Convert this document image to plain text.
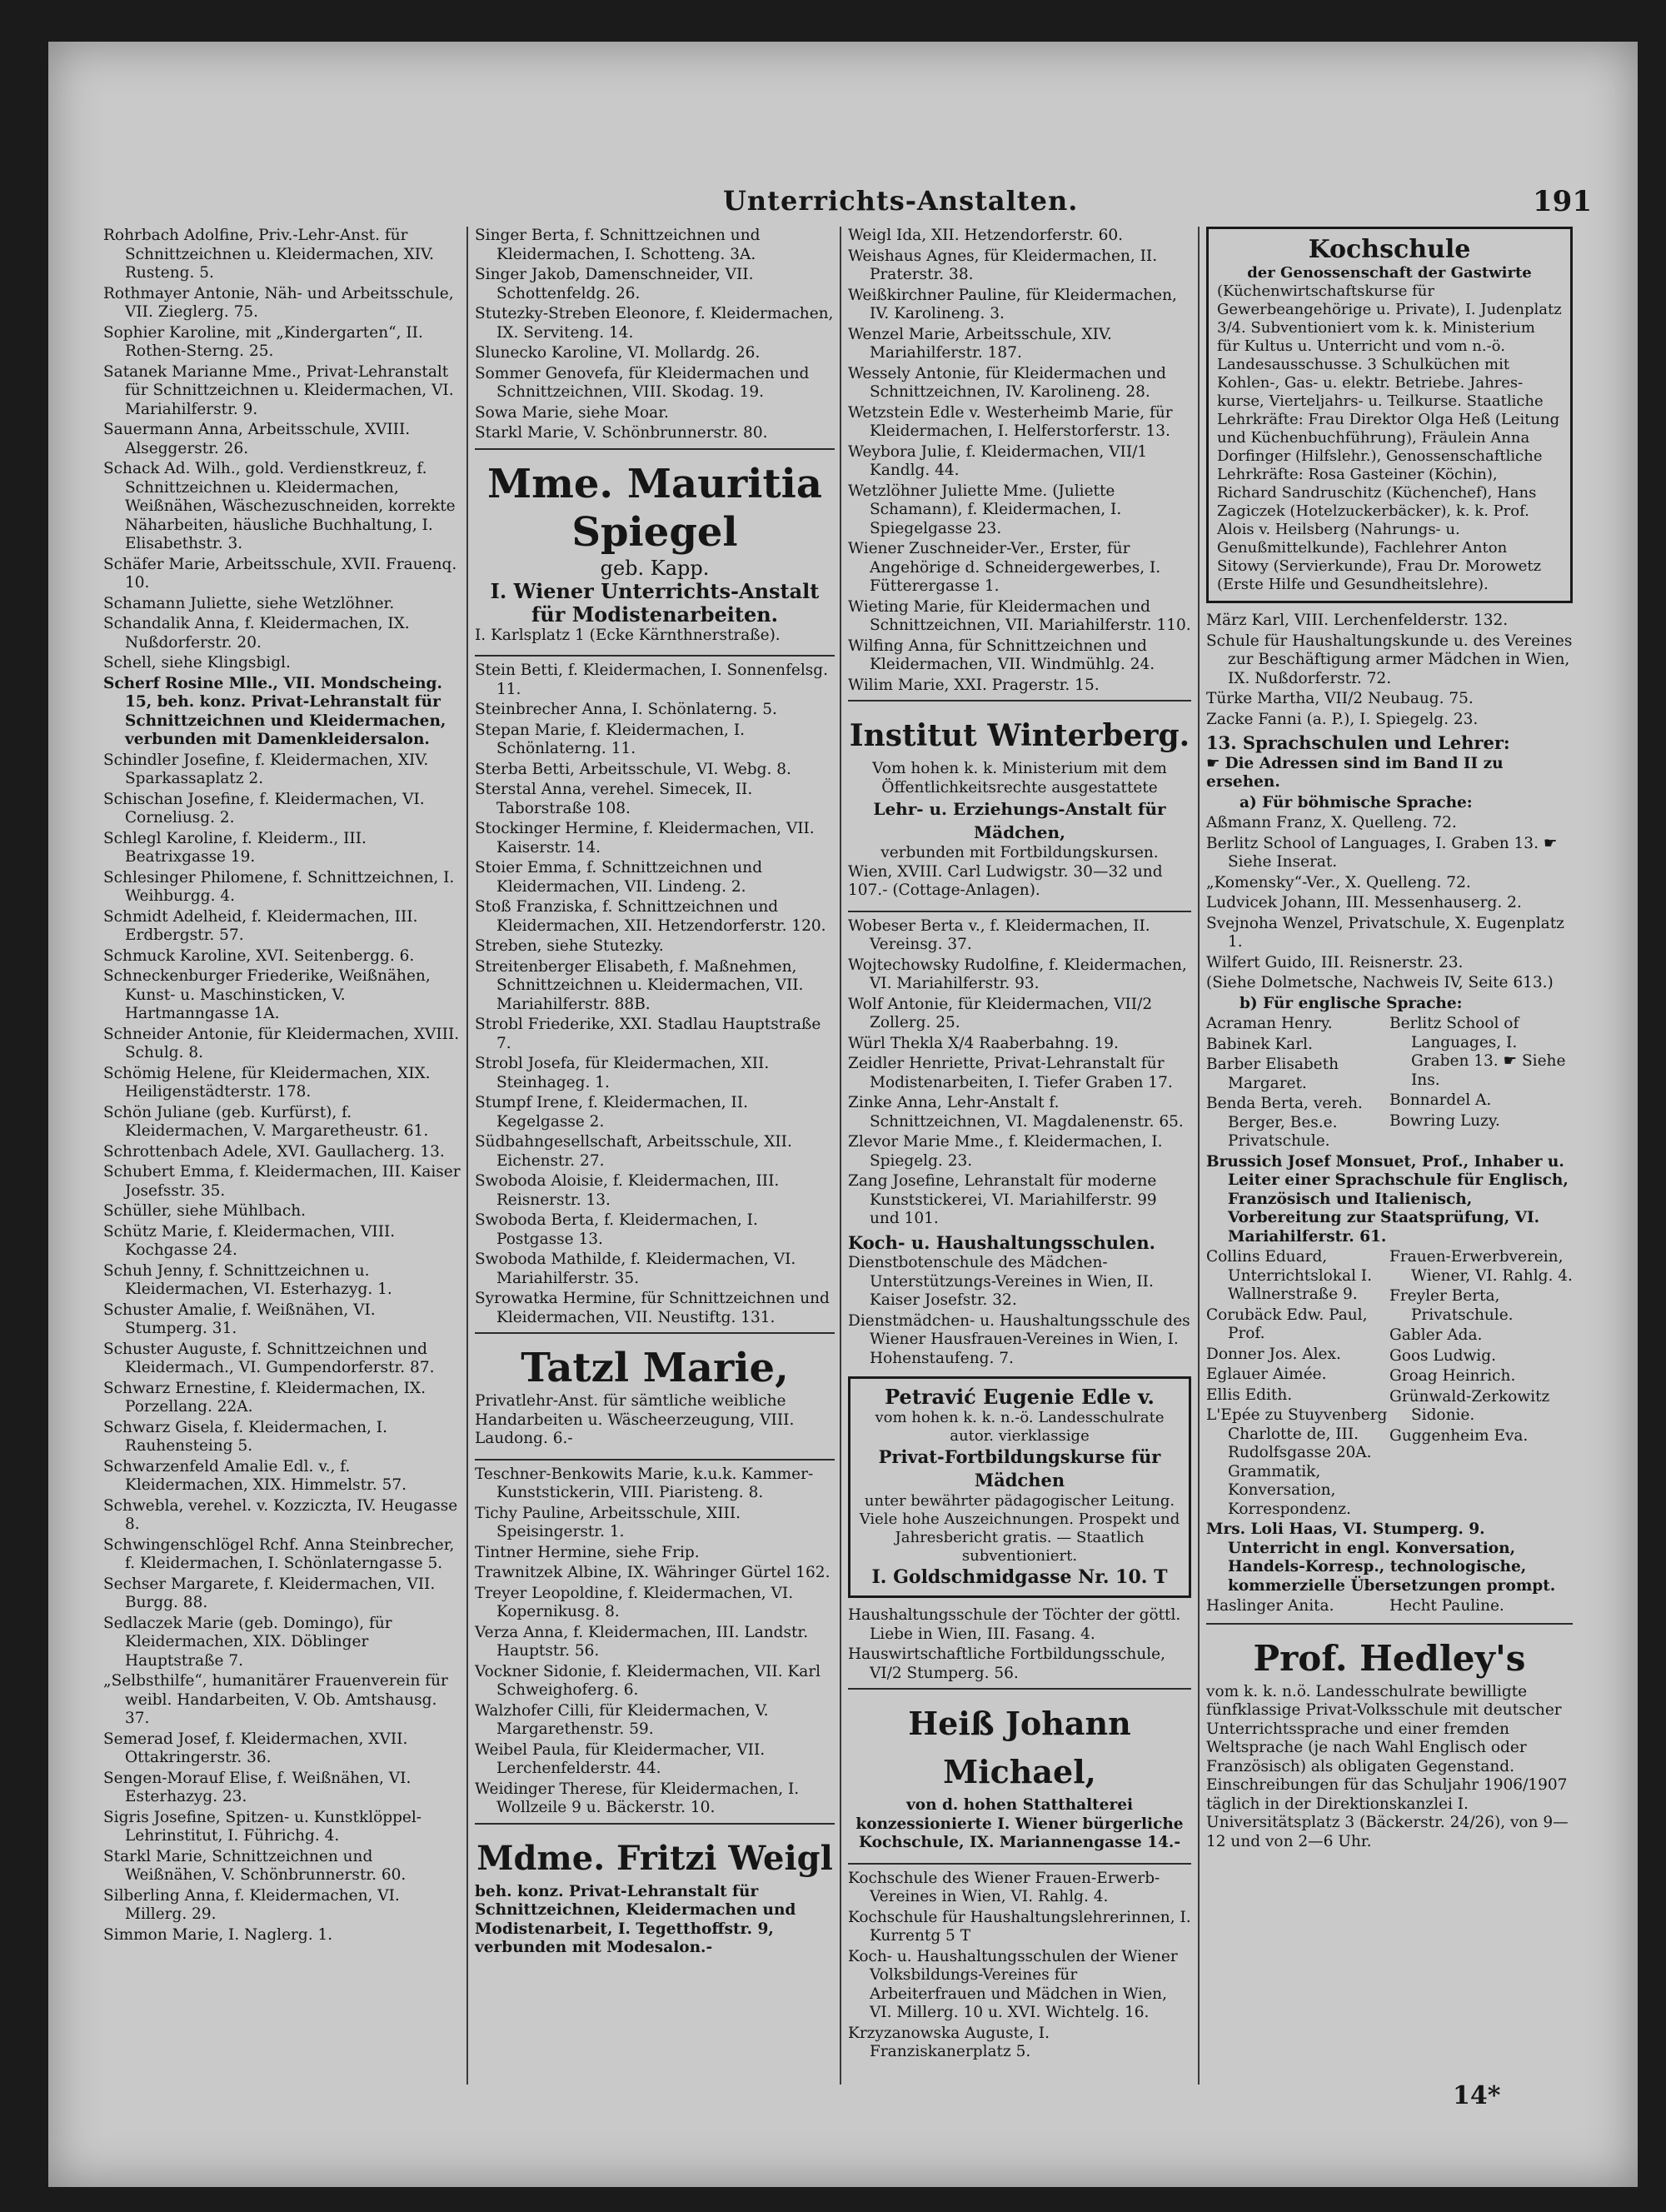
Unterrichts-Anstalten.	191

Rohrbach Adolfine, Priv.-Lehr-Anst. für Schnittzeichnen u. Kleidermachen, XIV. Rusteng. 5.

Rothmayer Antonie, Näh- und Arbeitsschule, VII. Zieglerg. 75.

Sophier Karoline, mit „Kindergarten“, II. Rothen-Sterng. 25.

Satanek Marianne Mme., Privat-Lehranstalt für Schnittzeichnen u. Kleidermachen, VI. Mariahilferstr. 9.

Sauermann Anna, Arbeitsschule, XVIII. Alseggerstr. 26.

Schack Ad. Wilh., gold. Verdienstkreuz, f. Schnittzeichnen u. Kleidermachen, Weißnähen, Wäschezuschneiden, korrekte Näharbeiten, häusliche Buchhaltung, I. Elisabethstr. 3.

Schäfer Marie, Arbeitsschule, XVII. Frauenq. 10.

Schamann Juliette, siehe Wetzlöhner.

Schandalik Anna, f. Kleidermachen, IX. Nußdorferstr. 20.

Schell, siehe Klingsbigl.

Scherf Rosine Mlle., VII. Mondscheing. 15, beh. konz. Privat-Lehranstalt für Schnittzeichnen und Kleidermachen, verbunden mit Damenkleidersalon.

Schindler Josefine, f. Kleidermachen, XIV. Sparkassaplatz 2.

Schischan Josefine, f. Kleidermachen, VI. Corneliusg. 2.

Schlegl Karoline, f. Kleiderm., III. Beatrixgasse 19.

Schlesinger Philomene, f. Schnittzeichnen, I. Weihburgg. 4.

Schmidt Adelheid, f. Kleidermachen, III. Erdbergstr. 57.

Schmuck Karoline, XVI. Seitenbergg. 6.

Schneckenburger Friederike, Weißnähen, Kunst- u. Maschinsticken, V. Hartmanngasse 1A.

Schneider Antonie, für Kleidermachen, XVIII. Schulg. 8.

Schömig Helene, für Kleidermachen, XIX. Heiligenstädterstr. 178.

Schön Juliane (geb. Kurfürst), f. Kleidermachen, V. Margaretheustr. 61.

Schrottenbach Adele, XVI. Gaullacherg. 13.

Schubert Emma, f. Kleidermachen, III. Kaiser Josefsstr. 35.

Schüller, siehe Mühlbach.

Schütz Marie, f. Kleidermachen, VIII. Kochgasse 24.

Schuh Jenny, f. Schnittzeichnen u. Kleidermachen, VI. Esterhazyg. 1.

Schuster Amalie, f. Weißnähen, VI. Stumperg. 31.

Schuster Auguste, f. Schnittzeichnen und Kleidermach., VI. Gumpendorferstr. 87.

Schwarz Ernestine, f. Kleidermachen, IX. Porzellang. 22A.

Schwarz Gisela, f. Kleidermachen, I. Rauhensteing 5.

Schwarzenfeld Amalie Edl. v., f. Kleidermachen, XIX. Himmelstr. 57.

Schwebla, verehel. v. Kozziczta, IV. Heugasse 8.

Schwingenschlögel Rchf. Anna Steinbrecher, f. Kleidermachen, I. Schönlaterngasse 5.

Sechser Margarete, f. Kleidermachen, VII. Burgg. 88.

Sedlaczek Marie (geb. Domingo), für Kleidermachen, XIX. Döblinger Hauptstraße 7.

„Selbsthilfe“, humanitärer Frauenverein für weibl. Handarbeiten, V. Ob. Amtshausg. 37.

Semerad Josef, f. Kleidermachen, XVII. Ottakringerstr. 36.

Sengen-Morauf Elise, f. Weißnähen, VI. Esterhazyg. 23.

Sigris Josefine, Spitzen- u. Kunstklöppel-Lehrinstitut, I. Führichg. 4.

Starkl Marie, Schnittzeichnen und Weißnähen, V. Schönbrunnerstr. 60.

Silberling Anna, f. Kleidermachen, VI. Millerg. 29.

Simmon Marie, I. Naglerg. 1.

Singer Berta, f. Schnittzeichnen und Kleidermachen, I. Schotteng. 3A.

Singer Jakob, Damenschneider, VII. Schottenfeldg. 26.

Stutezky-Streben Eleonore, f. Kleidermachen, IX. Serviteng. 14.

Slunecko Karoline, VI. Mollardg. 26.

Sommer Genovefa, für Kleidermachen und Schnittzeichnen, VIII. Skodag. 19.

Sowa Marie, siehe Moar.

Starkl Marie, V. Schönbrunnerstr. 80.

Mme. Mauritia Spiegel
geb. Kapp.
I. Wiener Unterrichts-Anstalt
für Modistenarbeiten.
I. Karlsplatz 1 (Ecke Kärnthnerstraße).

Stein Betti, f. Kleidermachen, I. Sonnenfelsg. 11.

Steinbrecher Anna, I. Schönlaterng. 5.

Stepan Marie, f. Kleidermachen, I. Schönlaterng. 11.

Sterba Betti, Arbeitsschule, VI. Webg. 8.

Sterstal Anna, verehel. Simecek, II. Taborstraße 108.

Stockinger Hermine, f. Kleidermachen, VII. Kaiserstr. 14.

Stoier Emma, f. Schnittzeichnen und Kleidermachen, VII. Lindeng. 2.

Stoß Franziska, f. Schnittzeichnen und Kleidermachen, XII. Hetzendorferstr. 120.

Streben, siehe Stutezky.

Streitenberger Elisabeth, f. Maßnehmen, Schnittzeichnen u. Kleidermachen, VII. Mariahilferstr. 88B.

Strobl Friederike, XXI. Stadlau Hauptstraße 7.

Strobl Josefa, für Kleidermachen, XII. Steinhageg. 1.

Stumpf Irene, f. Kleidermachen, II. Kegelgasse 2.

Südbahngesellschaft, Arbeitsschule, XII. Eichenstr. 27.

Swoboda Aloisie, f. Kleidermachen, III. Reisnerstr. 13.

Swoboda Berta, f. Kleidermachen, I. Postgasse 13.

Swoboda Mathilde, f. Kleidermachen, VI. Mariahilferstr. 35.

Syrowatka Hermine, für Schnittzeichnen und Kleidermachen, VII. Neustiftg. 131.

Tatzl Marie,
Privatlehr-Anst. für sämtliche weibliche Handarbeiten u. Wäscheerzeugung, VIII. Laudong. 6.-

Teschner-Benkowits Marie, k.u.k. Kammer-Kunststickerin, VIII. Piaristeng. 8.

Tichy Pauline, Arbeitsschule, XIII. Speisingerstr. 1.

Tintner Hermine, siehe Frip.

Trawnitzek Albine, IX. Währinger Gürtel 162.

Treyer Leopoldine, f. Kleidermachen, VI. Kopernikusg. 8.

Verza Anna, f. Kleidermachen, III. Landstr. Hauptstr. 56.

Vockner Sidonie, f. Kleidermachen, VII. Karl Schweighoferg. 6.

Walzhofer Cilli, für Kleidermachen, V. Margarethenstr. 59.

Weibel Paula, für Kleidermacher, VII. Lerchenfelderstr. 44.

Weidinger Therese, für Kleidermachen, I. Wollzeile 9 u. Bäckerstr. 10.

Mdme. Fritzi Weigl
beh. konz. Privat-Lehranstalt für Schnittzeichnen, Kleidermachen und Modistenarbeit, I. Tegetthoffstr. 9, verbunden mit Modesalon.-

Weigl Ida, XII. Hetzendorferstr. 60.

Weishaus Agnes, für Kleidermachen, II. Praterstr. 38.

Weißkirchner Pauline, für Kleidermachen, IV. Karolineng. 3.

Wenzel Marie, Arbeitsschule, XIV. Mariahilferstr. 187.

Wessely Antonie, für Kleidermachen und Schnittzeichnen, IV. Karolineng. 28.

Wetzstein Edle v. Westerheimb Marie, für Kleidermachen, I. Helferstorferstr. 13.

Weybora Julie, f. Kleidermachen, VII/1 Kandlg. 44.

Wetzlöhner Juliette Mme. (Juliette Schamann), f. Kleidermachen, I. Spiegelgasse 23.

Wiener Zuschneider-Ver., Erster, für Angehörige d. Schneidergewerbes, I. Fütterergasse 1.

Wieting Marie, für Kleidermachen und Schnittzeichnen, VII. Mariahilferstr. 110.

Wilfing Anna, für Schnittzeichnen und Kleidermachen, VII. Windmühlg. 24.

Wilim Marie, XXI. Pragerstr. 15.

Institut Winterberg.
Vom hohen k. k. Ministerium mit dem Öffentlichkeitsrechte ausgestattete
Lehr- u. Erziehungs-Anstalt für Mädchen,
verbunden mit Fortbildungskursen.
Wien, XVIII. Carl Ludwigstr. 30—32 und 107.- (Cottage-Anlagen).

Wobeser Berta v., f. Kleidermachen, II. Vereinsg. 37.

Wojtechowsky Rudolfine, f. Kleidermachen, VI. Mariahilferstr. 93.

Wolf Antonie, für Kleidermachen, VII/2 Zollerg. 25.

Würl Thekla X/4 Raaberbahng. 19.

Zeidler Henriette, Privat-Lehranstalt für Modistenarbeiten, I. Tiefer Graben 17.

Zinke Anna, Lehr-Anstalt f. Schnittzeichnen, VI. Magdalenenstr. 65.

Zlevor Marie Mme., f. Kleidermachen, I. Spiegelg. 23.

Zang Josefine, Lehranstalt für moderne Kunststickerei, VI. Mariahilferstr. 99 und 101.

Koch- u. Haushaltungsschulen.

Dienstbotenschule des Mädchen-Unterstützungs-Vereines in Wien, II. Kaiser Josefstr. 32.

Dienstmädchen- u. Haushaltungsschule des Wiener Hausfrauen-Vereines in Wien, I. Hohenstaufeng. 7.

Petravić Eugenie Edle v.
vom hohen k. k. n.-ö. Landesschulrate autor. vierklassige
Privat-Fortbildungskurse für Mädchen
unter bewährter pädagogischer Leitung. Viele hohe Auszeichnungen. Prospekt und Jahresbericht gratis. — Staatlich subventioniert.
I. Goldschmidgasse Nr. 10. T

Haushaltungsschule der Töchter der göttl. Liebe in Wien, III. Fasang. 4.

Hauswirtschaftliche Fortbildungsschule, VI/2 Stumperg. 56.

Heiß Johann Michael,
von d. hohen Statthalterei konzessionierte I. Wiener bürgerliche Kochschule, IX. Mariannengasse 14.-

Kochschule des Wiener Frauen-Erwerb-Vereines in Wien, VI. Rahlg. 4.

Kochschule für Haushaltungslehrerinnen, I. Kurrentg 5 T

Koch- u. Haushaltungsschulen der Wiener Volksbildungs-Vereines für Arbeiterfrauen und Mädchen in Wien, VI. Millerg. 10 u. XVI. Wichtelg. 16.

Krzyzanowska Auguste, I. Franziskanerplatz 5.

Kochschule
der Genossenschaft der Gastwirte
(Küchenwirtschaftskurse für Gewerbeangehörige u. Private), I. Judenplatz 3/4. Subventioniert vom k. k. Ministerium für Kultus u. Unterricht und vom n.-ö. Landesausschusse. 3 Schulküchen mit Kohlen-, Gas- u. elektr. Betriebe. Jahres-kurse, Vierteljahrs- u. Teilkurse. Staatliche Lehrkräfte: Frau Direktor Olga Heß (Leitung und Küchenbuchführung), Fräulein Anna Dorfinger (Hilfslehr.), Genossenschaftliche Lehrkräfte: Rosa Gasteiner (Köchin), Richard Sandruschitz (Küchenchef), Hans Zagiczek (Hotelzuckerbäcker), k. k. Prof. Alois v. Heilsberg (Nahrungs- u. Genußmittelkunde), Fachlehrer Anton Sitowy (Servierkunde), Frau Dr. Morowetz (Erste Hilfe und Gesundheitslehre).

März Karl, VIII. Lerchenfelderstr. 132.

Schule für Haushaltungskunde u. des Vereines zur Beschäftigung armer Mädchen in Wien, IX. Nußdorferstr. 72.

Türke Martha, VII/2 Neubaug. 75.

Zacke Fanni (a. P.), I. Spiegelg. 23.

13. Sprachschulen und Lehrer:

☛ Die Adressen sind im Band II zu ersehen.

a) Für böhmische Sprache:

Aßmann Franz, X. Quelleng. 72.

Berlitz School of Languages, I. Graben 13. ☛ Siehe Inserat.

„Komensky“-Ver., X. Quelleng. 72.

Ludvicek Johann, III. Messenhauserg. 2.

Svejnoha Wenzel, Privatschule, X. Eugenplatz 1.

Wilfert Guido, III. Reisnerstr. 23.

(Siehe Dolmetsche, Nachweis IV, Seite 613.)

b) Für englische Sprache:

Acraman Henry.

Babinek Karl.

Barber Elisabeth Margaret.

Benda Berta, vereh. Berger, Bes.e. Privatschule.

Berlitz School of Languages, I. Graben 13. ☛ Siehe Ins.

Bonnardel A.

Bowring Luzy.

Brussich Josef Monsuet, Prof., Inhaber u. Leiter einer Sprachschule für Englisch, Französisch und Italienisch, Vorbereitung zur Staatsprüfung, VI. Mariahilferstr. 61.

Collins Eduard, Unterrichtslokal I. Wallnerstraße 9.

Corubäck Edw. Paul, Prof.

Donner Jos. Alex.

Eglauer Aimée.

Ellis Edith.

L'Epée zu Stuyvenberg Charlotte de, III. Rudolfsgasse 20A. Grammatik, Konversation, Korrespondenz.

Frauen-Erwerbverein, Wiener, VI. Rahlg. 4.

Freyler Berta, Privatschule.

Gabler Ada.

Goos Ludwig.

Groag Heinrich.

Grünwald-Zerkowitz Sidonie.

Guggenheim Eva.

Mrs. Loli Haas, VI. Stumperg. 9. Unterricht in engl. Konversation, Handels-Korresp., technologische, kommerzielle Übersetzungen prompt.

Haslinger Anita.	Hecht Pauline.
Prof. Hedley's
vom k. k. n.ö. Landesschulrate bewilligte fünfklassige Privat-Volksschule mit deutscher Unterrichtssprache und einer fremden Weltsprache (je nach Wahl Englisch oder Französisch) als obligaten Gegenstand. Einschreibungen für das Schuljahr 1906/1907 täglich in der Direktionskanzlei I. Universitätsplatz 3 (Bäckerstr. 24/26), von 9—12 und von 2—6 Uhr.
14*
